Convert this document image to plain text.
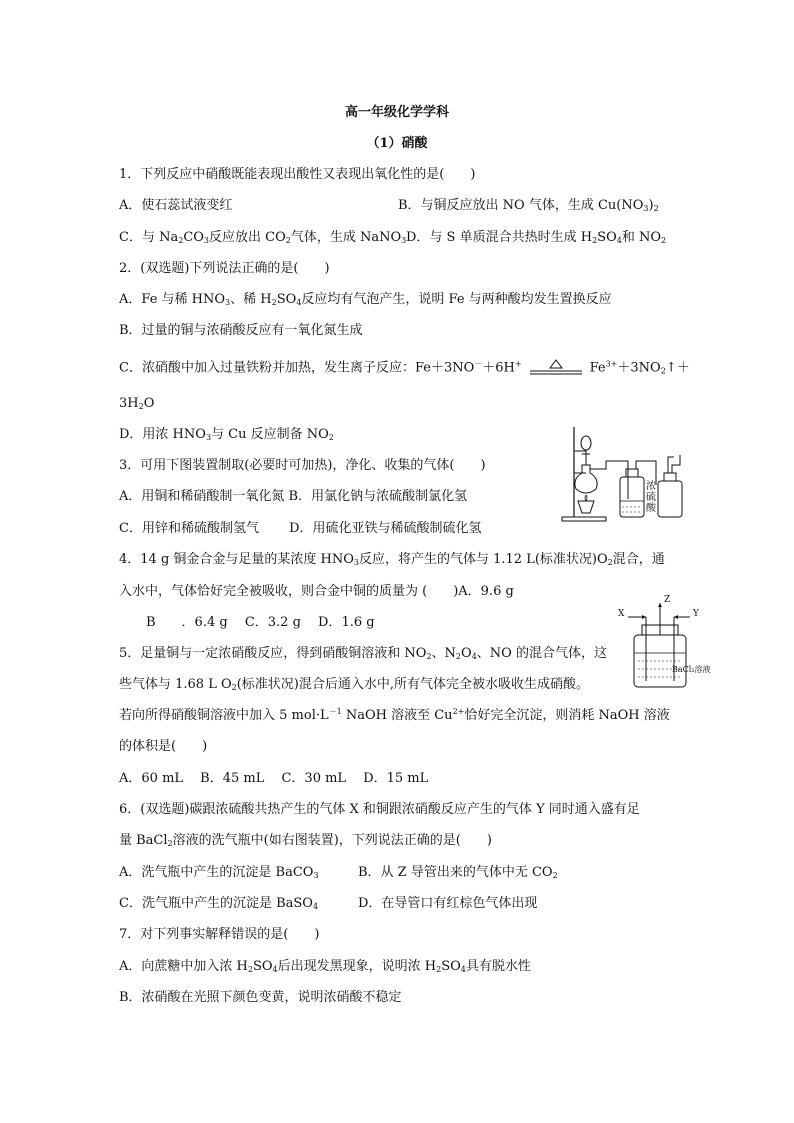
高一年级化学学科
（1）硝酸
1．下列反应中硝酸既能表现出酸性又表现出氧化性的是(　　)
A．使石蕊试液变红	B．与铜反应放出 NO 气体，生成 $Cu(NO_3)_2$
C．与 $Na_2CO_3$反应放出 $CO_2$气体，生成 NaNO$_3$ D．与 S 单质混合共热时生成 $H_2SO_4$和 $NO_2$
2．(双选题)下列说法正确的是(　　)
A．Fe 与稀 $HNO_3$、稀 $H_2SO_4$反应均有气泡产生，说明 Fe 与两种酸均发生置换反应
B．过量的铜与浓硝酸反应有一氧化氮生成
C．浓硝酸中加入过量铁粉并加热，发生离子反应：Fe＋3NO－＋6H+	$Fe^{3+}+3NO_2↑+$
$3H_2O$
D．用浓 $HNO_3$与 Cu 反应制备 $NO_2$
3．可用下图装置制取(必要时可加热)，净化、收集的气体(　　)
A．用铜和稀硝酸制一氧化氮 B．用氯化钠与浓硫酸制氯化氢
C．用锌和稀硫酸制氢气　　 D．用硫化亚铁与稀硫酸制硫化氢
浓硫酸
4．14 g 铜金合金与足量的某浓度 $HNO_3$反应，将产生的气体与 1.12 L(标准状况)$O_2$混合，通
入水中，气体恰好完全被吸收，则合金中铜的质量为 (　　)A．9.6 g
B　　．6.4 g　 C．3.2 g　 D．1.6 g
X	Y
Z
BaCl₂溶液
5．足量铜与一定浓硝酸反应，得到硝酸铜溶液和 $NO_2$、$N_2O_4$、NO 的混合气体，这
些气体与 1.68 L $O_2$(标准状况)混合后通入水中,所有气体完全被水吸收生成硝酸。
若向所得硝酸铜溶液中加入 5 $mol\cdot L^{-1}$ NaOH 溶液至 $Cu^{2+}$恰好完全沉淀，则消耗 NaOH 溶液
的体积是(　　)
A．60 mL　 B．45 mL　 C．30 mL　 D．15 mL
6．(双选题)碳跟浓硫酸共热产生的气体 X 和铜跟浓硝酸反应产生的气体 Y 同时通入盛有足
量 BaCl$_2$溶液的洗气瓶中(如右图装置)，下列说法正确的是(　　)
A．洗气瓶中产生的沉淀是 BaCO$_3$	B．从 Z 导管出来的气体中无 $CO_2$
C．洗气瓶中产生的沉淀是 BaSO$_4$	D．在导管口有红棕色气体出现
7．对下列事实解释错误的是(　　)
A．向蔗糖中加入浓 $H_2SO_4$后出现发黑现象，说明浓 $H_2SO_4$具有脱水性
B．浓硝酸在光照下颜色变黄，说明浓硝酸不稳定
